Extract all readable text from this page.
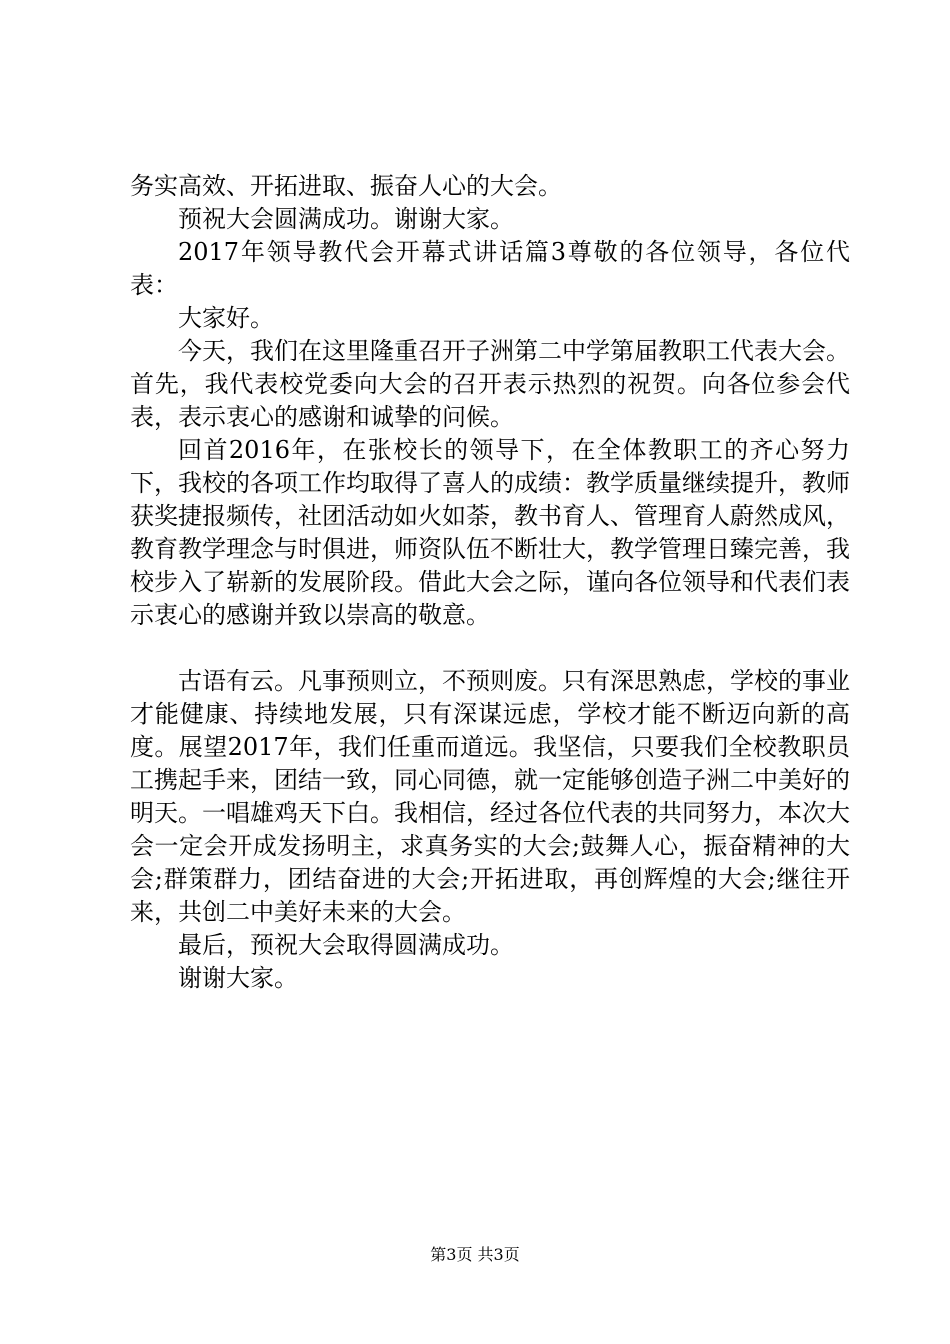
务实高效、开拓进取、振奋人心的大会。

预祝大会圆满成功。谢谢大家。

2017年领导教代会开幕式讲话篇3尊敬的各位领导，各位代表：

大家好。

今天，我们在这里隆重召开子洲第二中学第届教职工代表大会。首先，我代表校党委向大会的召开表示热烈的祝贺。向各位参会代表，表示衷心的感谢和诚挚的问候。

回首2016年，在张校长的领导下，在全体教职工的齐心努力下，我校的各项工作均取得了喜人的成绩：教学质量继续提升，教师获奖捷报频传，社团活动如火如荼，教书育人、管理育人蔚然成风，教育教学理念与时俱进，师资队伍不断壮大，教学管理日臻完善，我校步入了崭新的发展阶段。借此大会之际，谨向各位领导和代表们表示衷心的感谢并致以崇高的敬意。

古语有云。凡事预则立，不预则废。只有深思熟虑，学校的事业才能健康、持续地发展，只有深谋远虑，学校才能不断迈向新的高度。展望2017年，我们任重而道远。我坚信，只要我们全校教职员工携起手来，团结一致，同心同德，就一定能够创造子洲二中美好的明天。一唱雄鸡天下白。我相信，经过各位代表的共同努力，本次大会一定会开成发扬明主，求真务实的大会;鼓舞人心，振奋精神的大会;群策群力，团结奋进的大会;开拓进取，再创辉煌的大会;继往开来，共创二中美好未来的大会。

最后，预祝大会取得圆满成功。

谢谢大家。

第3页 共3页
